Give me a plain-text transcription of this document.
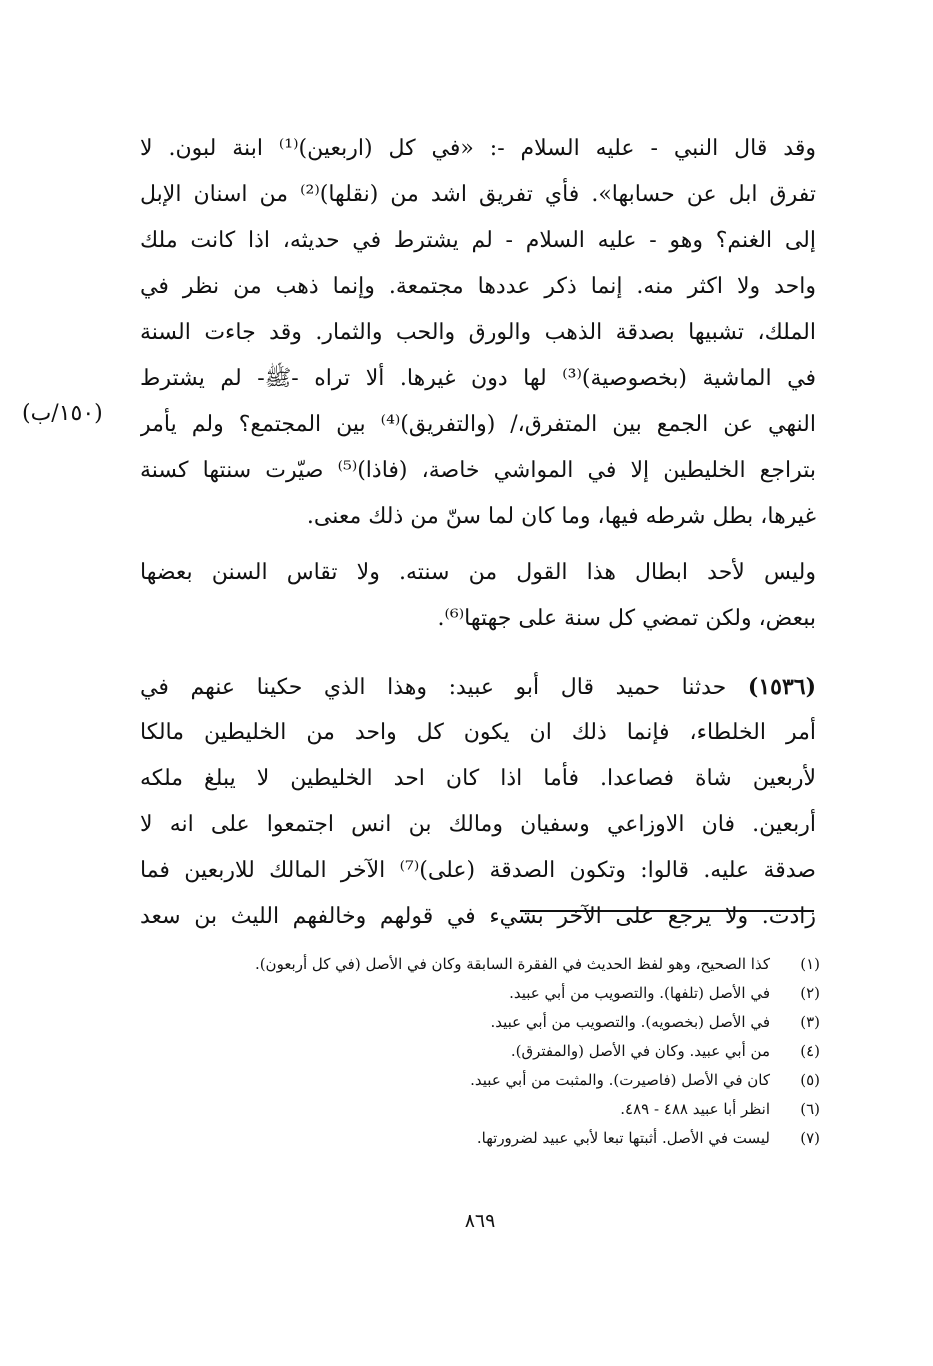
وقد قال النبي - عليه السلام -: «في كل (اربعين)⁽¹⁾ ابنة لبون. لا
تفرق ابل عن حسابها». فأي تفريق اشد من (نقلها)⁽²⁾ من اسنان الإبل
إلى الغنم؟ وهو - عليه السلام - لم يشترط في حديثه، اذا كانت ملك
واحد ولا اكثر منه. إنما ذكر عددها مجتمعة. وإنما ذهب من نظر في
الملك، تشبيها بصدقة الذهب والورق والحب والثمار. وقد جاءت السنة
في الماشية (بخصوصية)⁽³⁾ لها دون غيرها. ألا تراه -ﷺ- لم يشترط
النهي عن الجمع بين المتفرق،/ (والتفريق)⁽⁴⁾ بين المجتمع؟ ولم يأمر
بتراجع الخليطين إلا في المواشي خاصة، (فاذا)⁽⁵⁾ صيّرت سنتها كسنة
غيرها، بطل شرطه فيها، وما كان لما سنّ من ذلك معنى.
وليس لأحد ابطال هذا القول من سنته. ولا تقاس السنن بعضها
ببعض، ولكن تمضي كل سنة على جهتها⁽⁶⁾.
(١٥٣٦) حدثنا حميد قال أبو عبيد: وهذا الذي حكينا عنهم في
أمر الخلطاء، فإنما ذلك ان يكون كل واحد من الخليطين مالكا
لأربعين شاة فصاعدا. فأما اذا كان احد الخليطين لا يبلغ ملكه
أربعين. فان الاوزاعي وسفيان ومالك بن انس اجتمعوا على انه لا
صدقة عليه. قالوا: وتكون الصدقة (على)⁽⁷⁾ الآخر المالك للاربعين فما
زادت. ولا يرجع على الآخر بشيء في قولهم وخالفهم الليث بن سعد
(١٥٠/ب)
(١)
كذا الصحيح، وهو لفظ الحديث في الفقرة السابقة وكان في الأصل (في كل أربعون).
(٢)
في الأصل (تلفها). والتصويب من أبي عبيد.
(٣)
في الأصل (بخصويه). والتصويب من أبي عبيد.
(٤)
من أبي عبيد. وكان في الأصل (والمفترق).
(٥)
كان في الأصل (فاصيرت). والمثبت من أبي عبيد.
(٦)
انظر أبا عبيد ٤٨٨ - ٤٨٩.
(٧)
ليست في الأصل. أثبتها تبعا لأبي عبيد لضرورتها.
٨٦٩
